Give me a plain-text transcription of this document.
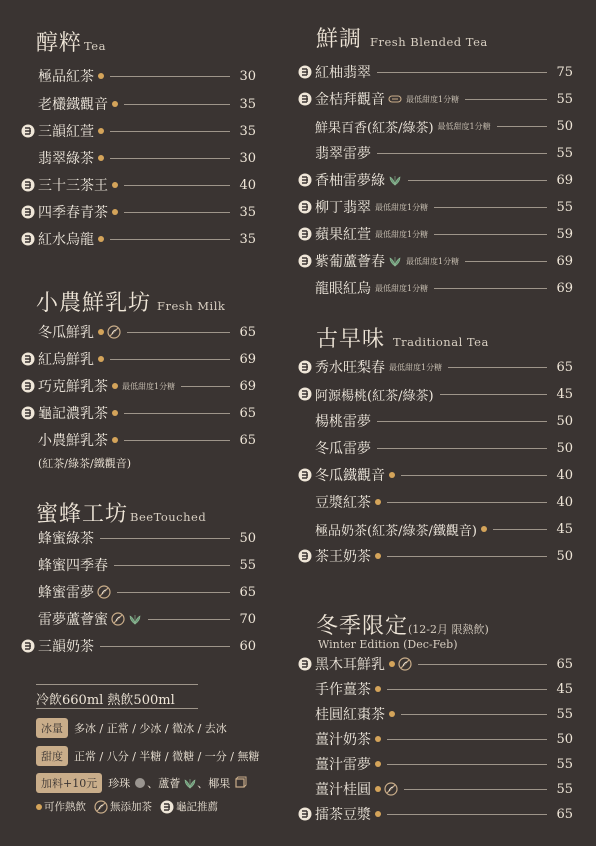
醇粹 Tea
極品紅茶	30
老欉鐵觀音	35
三韻紅萱	35
翡翠綠茶	30
三十三茶王	40
四季春青茶	35
紅水烏龍	35
小農鮮乳坊 Fresh Milk
冬瓜鮮乳	65
紅烏鮮乳	69
巧克鮮乳茶 最低甜度1分糖	69
龜記濃乳茶	65
小農鮮乳茶	65
(紅茶/綠茶/鐵觀音)
蜜蜂工坊 BeeTouched
蜂蜜綠茶	50
蜂蜜四季春	55
蜂蜜雷夢	65
雷夢蘆薈蜜	70
三韻奶茶	60
冷飲660ml 熱飲500ml
冰量	多冰 / 正常 / 少冰 / 微冰 / 去冰
甜度	正常 / 八分 / 半糖 / 微糖 / 一分 / 無糖
加料+10元	珍珠 、蘆薈 、椰果
可作熱飲 無添加茶 龜記推薦
鮮調 Fresh Blended Tea
紅柚翡翠	75
金桔拜觀音	最低甜度1分糖	55
鮮果百香(紅茶/綠茶) 最低甜度1分糖	50
翡翠雷夢	55
香柚雷夢綠	69
柳丁翡翠 最低甜度1分糖	55
蘋果紅萱 最低甜度1分糖	59
紫葡蘆薈春	最低甜度1分糖	69
龍眼紅烏 最低甜度1分糖	69
古早味 Traditional Tea
秀水旺梨春 最低甜度1分糖	65
阿源楊桃(紅茶/綠茶)	45
楊桃雷夢	50
冬瓜雷夢	50
冬瓜鐵觀音	40
豆漿紅茶	40
極品奶茶(紅茶/綠茶/鐵觀音)	45
茶王奶茶	50
冬季限定(12-2月 限熱飲)
Winter Edition (Dec-Feb)
黑木耳鮮乳	65
手作薑茶	45
桂圓紅棗茶	55
薑汁奶茶	50
薑汁雷夢	55
薑汁桂圓	55
擂茶豆漿	65
